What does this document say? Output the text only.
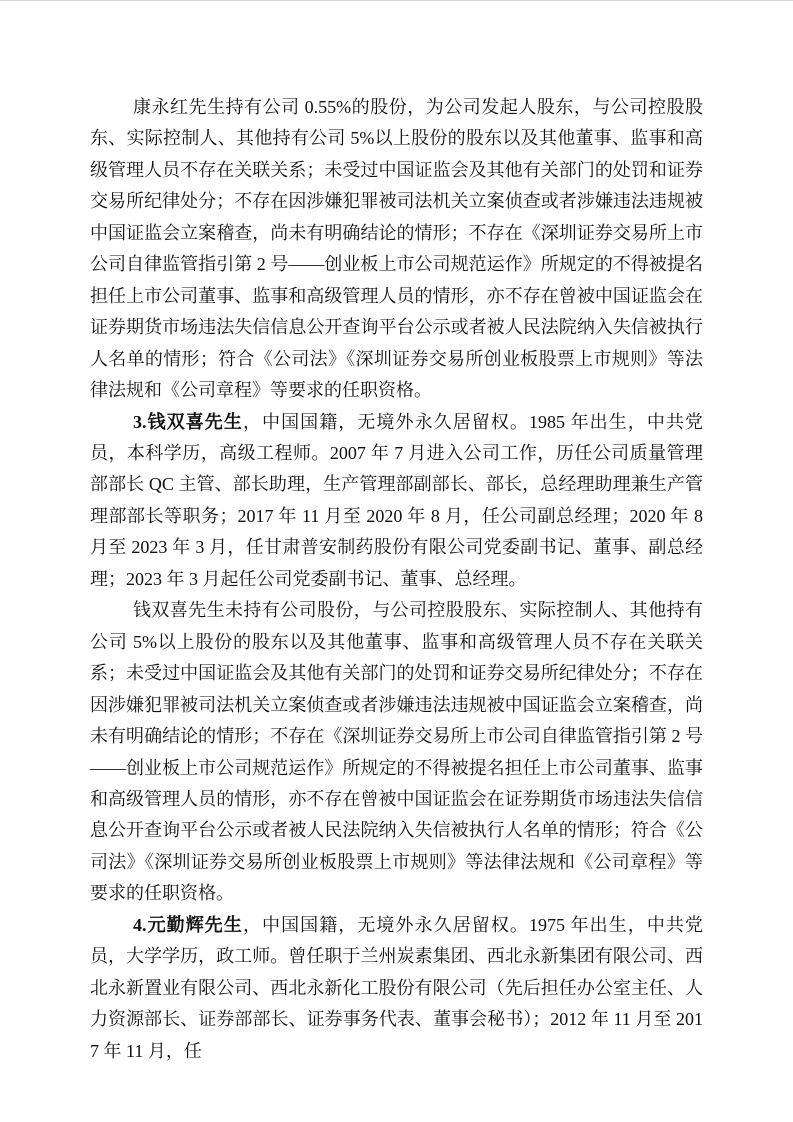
康永红先生持有公司 0.55%的股份，为公司发起人股东，与公司控股股东、实际控制人、其他持有公司 5%以上股份的股东以及其他董事、监事和高级管理人员不存在关联关系；未受过中国证监会及其他有关部门的处罚和证券交易所纪律处分；不存在因涉嫌犯罪被司法机关立案侦查或者涉嫌违法违规被中国证监会立案稽查，尚未有明确结论的情形；不存在《深圳证券交易所上市公司自律监管指引第 2 号——创业板上市公司规范运作》所规定的不得被提名担任上市公司董事、监事和高级管理人员的情形，亦不存在曾被中国证监会在证券期货市场违法失信信息公开查询平台公示或者被人民法院纳入失信被执行人名单的情形；符合《公司法》《深圳证券交易所创业板股票上市规则》等法律法规和《公司章程》等要求的任职资格。

3.钱双喜先生，中国国籍，无境外永久居留权。1985 年出生，中共党员，本科学历，高级工程师。2007 年 7 月进入公司工作，历任公司质量管理部部长 QC 主管、部长助理，生产管理部副部长、部长，总经理助理兼生产管理部部长等职务；2017 年 11 月至 2020 年 8 月，任公司副总经理；2020 年 8 月至 2023 年 3 月，任甘肃普安制药股份有限公司党委副书记、董事、副总经理；2023 年 3 月起任公司党委副书记、董事、总经理。

钱双喜先生未持有公司股份，与公司控股股东、实际控制人、其他持有公司 5%以上股份的股东以及其他董事、监事和高级管理人员不存在关联关系；未受过中国证监会及其他有关部门的处罚和证券交易所纪律处分；不存在因涉嫌犯罪被司法机关立案侦查或者涉嫌违法违规被中国证监会立案稽查，尚未有明确结论的情形；不存在《深圳证券交易所上市公司自律监管指引第 2 号——创业板上市公司规范运作》所规定的不得被提名担任上市公司董事、监事和高级管理人员的情形，亦不存在曾被中国证监会在证券期货市场违法失信信息公开查询平台公示或者被人民法院纳入失信被执行人名单的情形；符合《公司法》《深圳证券交易所创业板股票上市规则》等法律法规和《公司章程》等要求的任职资格。

4.元勤辉先生，中国国籍，无境外永久居留权。1975 年出生，中共党员，大学学历，政工师。曾任职于兰州炭素集团、西北永新集团有限公司、西北永新置业有限公司、西北永新化工股份有限公司（先后担任办公室主任、人力资源部长、证券部部长、证券事务代表、董事会秘书）；2012 年 11 月至 2017 年 11 月，任
